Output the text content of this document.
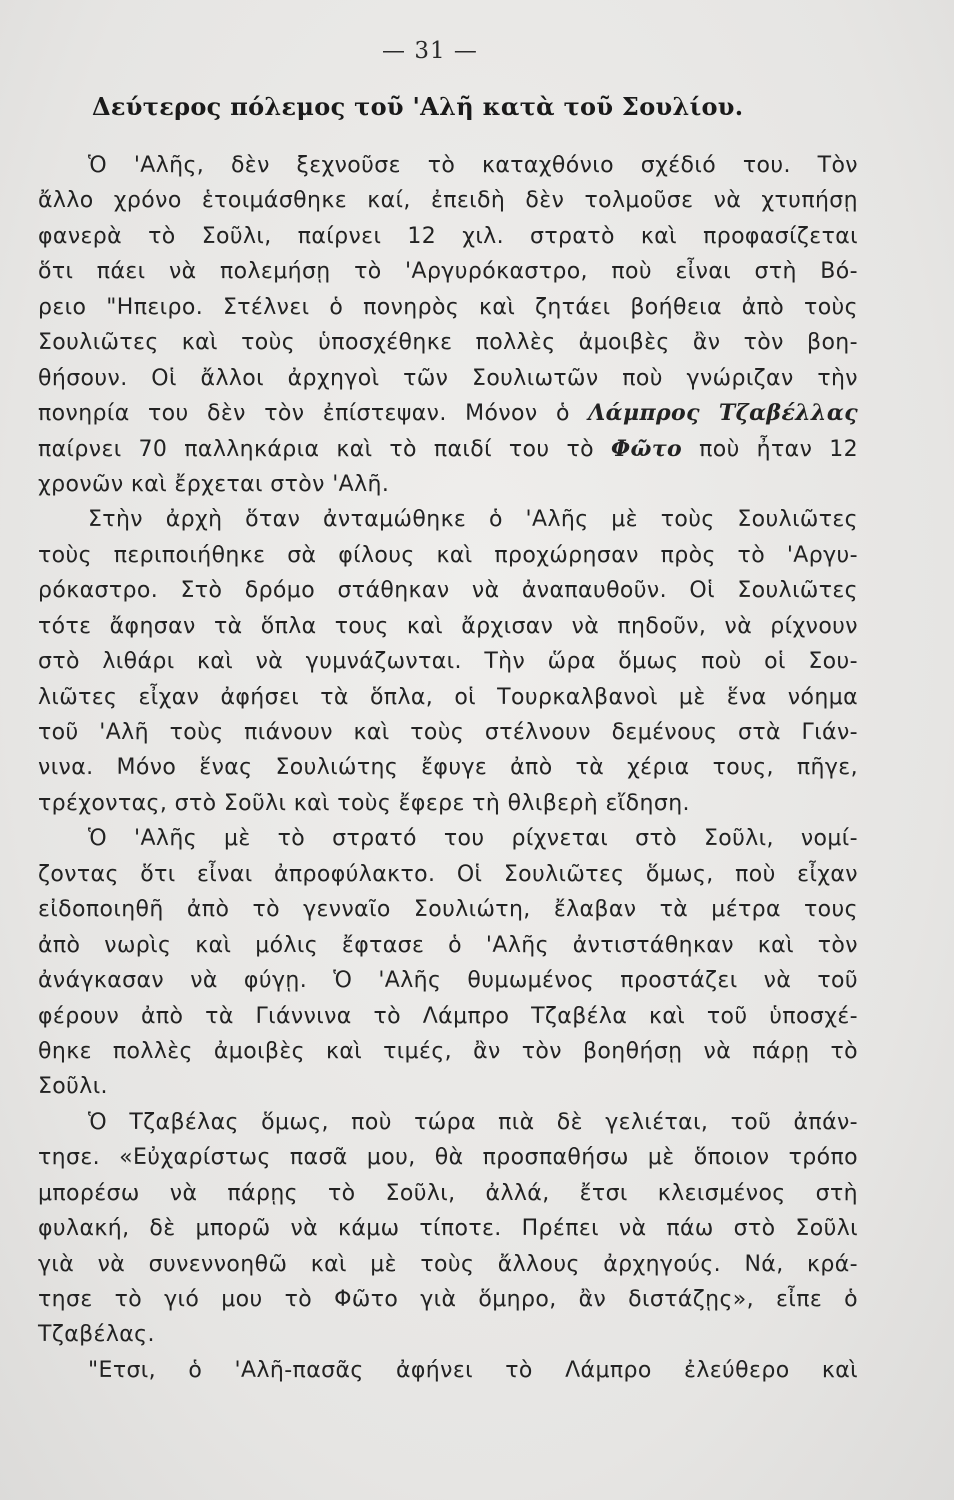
— 31 —
Δεύτερος πόλεμος τοῦ 'Αλῆ κατὰ τοῦ Σουλίου.
Ὁ 'Αλῆς, δὲν ξεχνοῦσε τὸ καταχθόνιο σχέδιό του. Τὸν
ἄλλο χρόνο ἑτοιμάσθηκε καί, ἐπειδὴ δὲν τολμοῦσε νὰ χτυπήσῃ
φανερὰ τὸ Σοῦλι, παίρνει 12 χιλ. στρατὸ καὶ προφασίζεται
ὅτι πάει νὰ πολεμήσῃ τὸ 'Αργυρόκαστρο, ποὺ εἶναι στὴ Βό-
ρειο "Ηπειρο. Στέλνει ὁ πονηρὸς καὶ ζητάει βοήθεια ἀπὸ τοὺς
Σουλιῶτες καὶ τοὺς ὑποσχέθηκε πολλὲς ἀμοιβὲς ἂν τὸν βοη-
θήσουν. Οἱ ἄλλοι ἀρχηγοὶ τῶν Σουλιωτῶν ποὺ γνώριζαν τὴν
πονηρία του δὲν τὸν ἐπίστεψαν. Μόνον ὁ Λάμπρος Τζαβέλλας
παίρνει 70 παλληκάρια καὶ τὸ παιδί του τὸ Φῶτο ποὺ ἦταν 12
χρονῶν καὶ ἔρχεται στὸν 'Αλῆ.
Στὴν ἀρχὴ ὅταν ἀνταμώθηκε ὁ 'Αλῆς μὲ τοὺς Σουλιῶτες
τοὺς περιποιήθηκε σὰ φίλους καὶ προχώρησαν πρὸς τὸ 'Αργυ-
ρόκαστρο. Στὸ δρόμο στάθηκαν νὰ ἀναπαυθοῦν. Οἱ Σουλιῶτες
τότε ἄφησαν τὰ ὅπλα τους καὶ ἄρχισαν νὰ πηδοῦν, νὰ ρίχνουν
στὸ λιθάρι καὶ νὰ γυμνάζωνται. Τὴν ὥρα ὅμως ποὺ οἱ Σου-
λιῶτες εἶχαν ἀφήσει τὰ ὅπλα, οἱ Τουρκαλβανοὶ μὲ ἕνα νόημα
τοῦ 'Αλῆ τοὺς πιάνουν καὶ τοὺς στέλνουν δεμένους στὰ Γιάν-
νινα. Μόνο ἕνας Σουλιώτης ἔφυγε ἀπὸ τὰ χέρια τους, πῆγε,
τρέχοντας, στὸ Σοῦλι καὶ τοὺς ἔφερε τὴ θλιβερὴ εἴδηση.
Ὁ 'Αλῆς μὲ τὸ στρατό του ρίχνεται στὸ Σοῦλι, νομί-
ζοντας ὅτι εἶναι ἀπροφύλακτο. Οἱ Σουλιῶτες ὅμως, ποὺ εἶχαν
εἰδοποιηθῆ ἀπὸ τὸ γενναῖο Σουλιώτη, ἔλαβαν τὰ μέτρα τους
ἀπὸ νωρὶς καὶ μόλις ἔφτασε ὁ 'Αλῆς ἀντιστάθηκαν καὶ τὸν
ἀνάγκασαν νὰ φύγῃ. Ὁ 'Αλῆς θυμωμένος προστάζει νὰ τοῦ
φέρουν ἀπὸ τὰ Γιάννινα τὸ Λάμπρο Τζαβέλα καὶ τοῦ ὑποσχέ-
θηκε πολλὲς ἀμοιβὲς καὶ τιμές, ἂν τὸν βοηθήσῃ νὰ πάρῃ τὸ
Σοῦλι.
Ὁ Τζαβέλας ὅμως, ποὺ τώρα πιὰ δὲ γελιέται, τοῦ ἀπάν-
τησε. «Εὐχαρίστως πασᾶ μου, θὰ προσπαθήσω μὲ ὅποιον τρόπο
μπορέσω νὰ πάρῃς τὸ Σοῦλι, ἀλλά, ἔτσι κλεισμένος στὴ
φυλακή, δὲ μπορῶ νὰ κάμω τίποτε. Πρέπει νὰ πάω στὸ Σοῦλι
γιὰ νὰ συνεννοηθῶ καὶ μὲ τοὺς ἄλλους ἀρχηγούς. Νά, κρά-
τησε τὸ γιό μου τὸ Φῶτο γιὰ ὅμηρο, ἂν διστάζῃς», εἶπε ὁ
Τζαβέλας.
"Ετσι, ὁ 'Αλῆ-πασᾶς ἀφήνει τὸ Λάμπρο ἐλεύθερο καὶ
